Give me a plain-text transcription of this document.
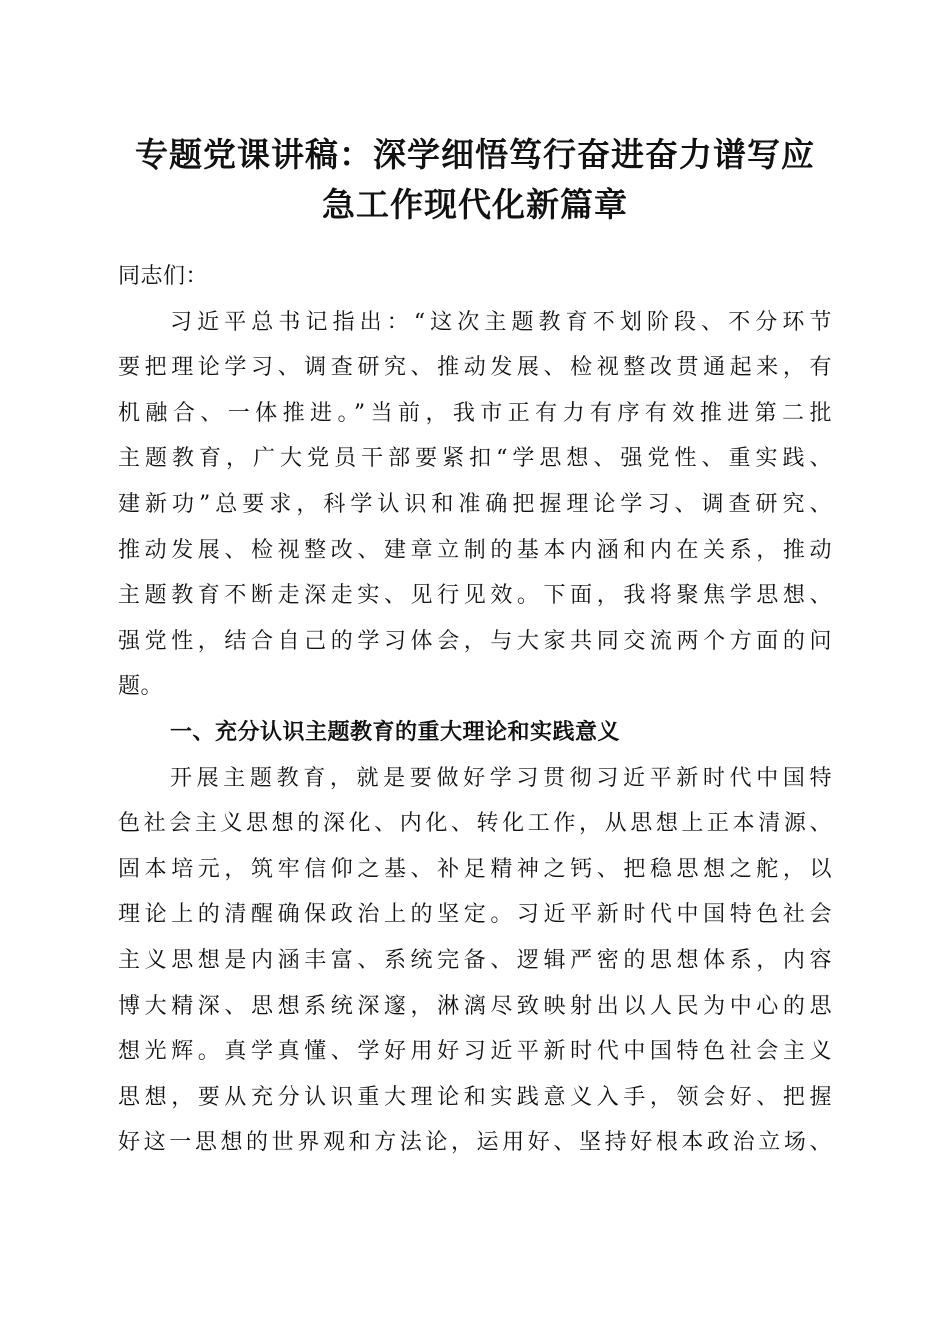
专题党课讲稿：深学细悟笃行奋进奋力谱写应
急工作现代化新篇章
同志们：
习近平总书记指出：“这次主题教育不划阶段、不分环节
要把理论学习、调查研究、推动发展、检视整改贯通起来，有
机融合、一体推进。”当前，我市正有力有序有效推进第二批
主题教育，广大党员干部要紧扣“学思想、强党性、重实践、
建新功”总要求，科学认识和准确把握理论学习、调查研究、
推动发展、检视整改、建章立制的基本内涵和内在关系，推动
主题教育不断走深走实、见行见效。下面，我将聚焦学思想、
强党性，结合自己的学习体会，与大家共同交流两个方面的问
题。
一、充分认识主题教育的重大理论和实践意义
开展主题教育，就是要做好学习贯彻习近平新时代中国特
色社会主义思想的深化、内化、转化工作，从思想上正本清源、
固本培元，筑牢信仰之基、补足精神之钙、把稳思想之舵，以
理论上的清醒确保政治上的坚定。习近平新时代中国特色社会
主义思想是内涵丰富、系统完备、逻辑严密的思想体系，内容
博大精深、思想系统深邃，淋漓尽致映射出以人民为中心的思
想光辉。真学真懂、学好用好习近平新时代中国特色社会主义
思想，要从充分认识重大理论和实践意义入手，领会好、把握
好这一思想的世界观和方法论，运用好、坚持好根本政治立场、
